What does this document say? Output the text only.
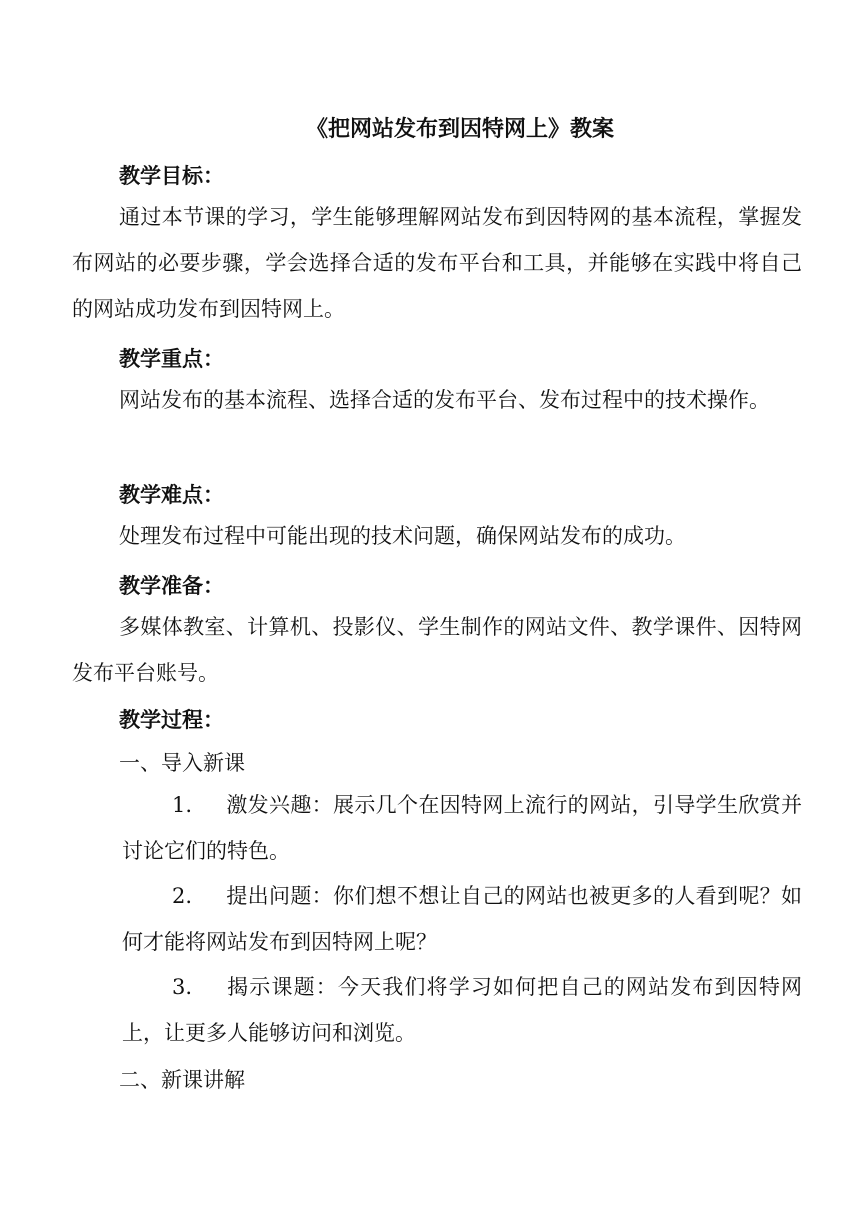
《把网站发布到因特网上》教案
教学目标：
通过本节课的学习，学生能够理解网站发布到因特网的基本流程，掌握发布网站的必要步骤，学会选择合适的发布平台和工具，并能够在实践中将自己的网站成功发布到因特网上。
教学重点：
网站发布的基本流程、选择合适的发布平台、发布过程中的技术操作。
教学难点：
处理发布过程中可能出现的技术问题，确保网站发布的成功。
教学准备：
多媒体教室、计算机、投影仪、学生制作的网站文件、教学课件、因特网发布平台账号。
教学过程：
一、导入新课
1. 激发兴趣：展示几个在因特网上流行的网站，引导学生欣赏并讨论它们的特色。
2. 提出问题：你们想不想让自己的网站也被更多的人看到呢？如何才能将网站发布到因特网上呢？
3. 揭示课题：今天我们将学习如何把自己的网站发布到因特网上，让更多人能够访问和浏览。
二、新课讲解
